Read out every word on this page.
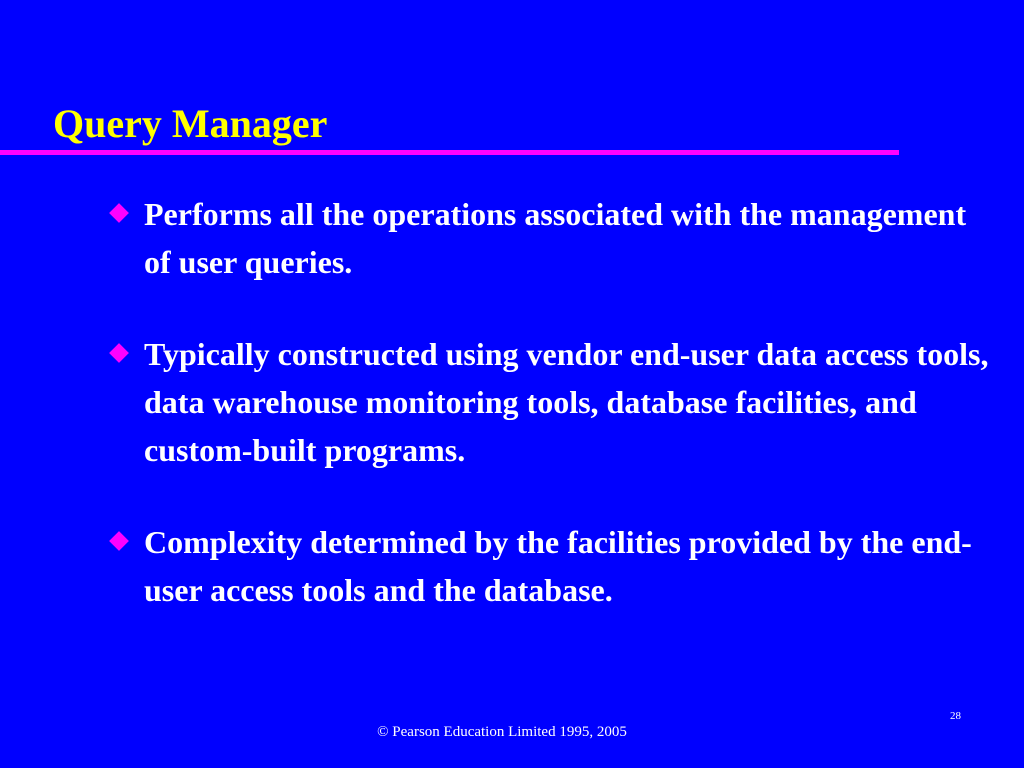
Query Manager
Performs all the operations associated with the management of user queries.
Typically constructed using vendor end-user data access tools, data warehouse monitoring tools, database facilities, and custom-built programs.
Complexity determined by the facilities provided by the end-user access tools and the database.
28
© Pearson Education Limited 1995, 2005
